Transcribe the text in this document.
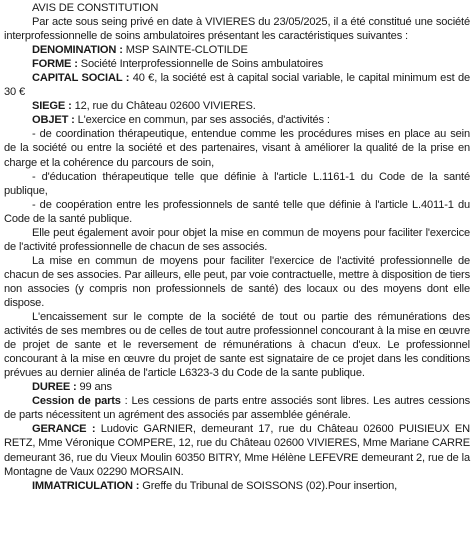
AVIS DE CONSTITUTION

Par acte sous seing privé en date à VIVIERES du 23/05/2025, il a été constitué une société interprofessionnelle de soins ambulatoires présentant les caractéristiques suivantes :

DENOMINATION : MSP SAINTE-CLOTILDE

FORME : Société Interprofessionnelle de Soins ambulatoires

CAPITAL SOCIAL : 40 €, la société est à capital social variable, le capital minimum est de 30 €

SIEGE : 12, rue du Château 02600 VIVIERES.

OBJET : L'exercice en commun, par ses associés, d'activités :

- de coordination thérapeutique, entendue comme les procédures mises en place au sein de la société ou entre la société et des partenaires, visant à améliorer la qualité de la prise en charge et la cohérence du parcours de soin,

- d'éducation thérapeutique telle que définie à l'article L.1161-1 du Code de la santé publique,

- de coopération entre les professionnels de santé telle que définie à l'article L.4011-1 du Code de la santé publique.

Elle peut également avoir pour objet la mise en commun de moyens pour faciliter l'exercice de l'activité professionnelle de chacun de ses associés.

La mise en commun de moyens pour faciliter l'exercice de l'activité professionnelle de chacun de ses associes. Par ailleurs, elle peut, par voie contractuelle, mettre à disposition de tiers non associes (y compris non professionnels de santé) des locaux ou des moyens dont elle dispose.

L'encaissement sur le compte de la société de tout ou partie des rémunérations des activités de ses membres ou de celles de tout autre professionnel concourant à la mise en œuvre de projet de sante et le reversement de rémunérations à chacun d'eux. Le professionnel concourant à la mise en œuvre du projet de sante est signataire de ce projet dans les conditions prévues au dernier alinéa de l'article L6323-3 du Code de la sante publique.

DUREE : 99 ans

Cession de parts : Les cessions de parts entre associés sont libres. Les autres cessions de parts nécessitent un agrément des associés par assemblée générale.

GERANCE : Ludovic GARNIER, demeurant 17, rue du Château 02600 PUISIEUX EN RETZ, Mme Véronique COMPERE, 12, rue du Château 02600 VIVIERES, Mme Mariane CARRE demeurant 36, rue du Vieux Moulin 60350 BITRY, Mme Hélène LEFEVRE demeurant 2, rue de la Montagne de Vaux 02290 MORSAIN.

IMMATRICULATION : Greffe du Tribunal de SOISSONS (02).Pour insertion,
